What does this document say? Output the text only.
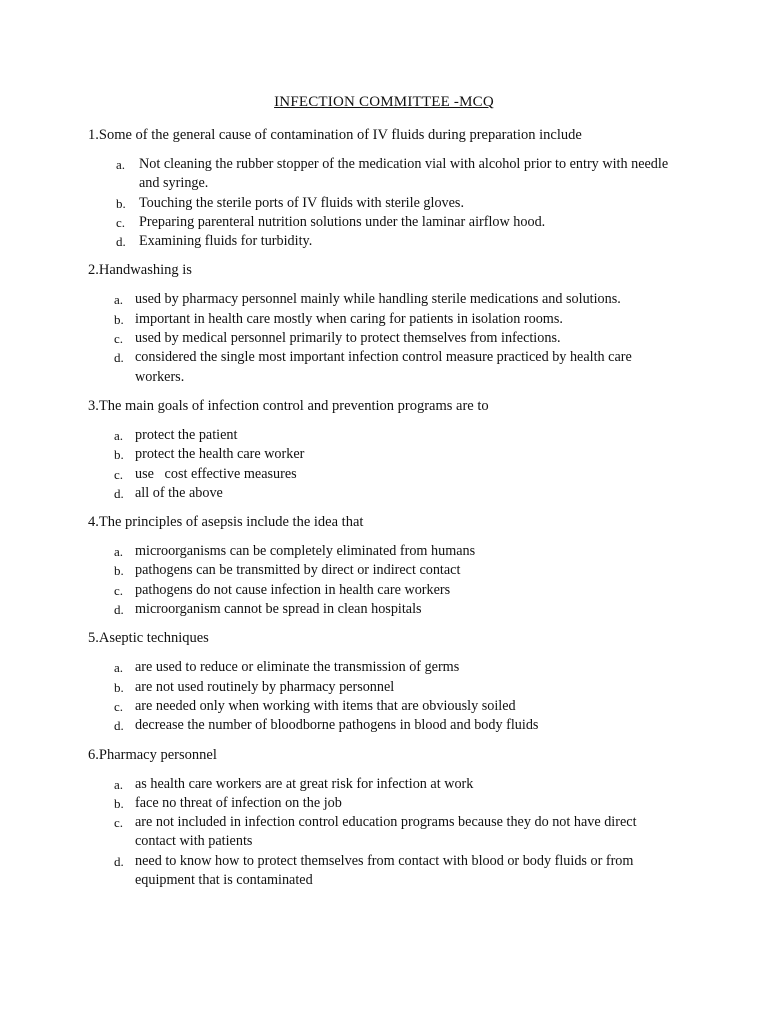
INFECTION COMMITTEE -MCQ
1.Some of the general cause of contamination of IV fluids during preparation include
a. Not cleaning the rubber stopper of the medication vial with alcohol prior to entry with needle and syringe.
b. Touching the sterile ports of IV fluids with sterile gloves.
c. Preparing parenteral nutrition solutions under the laminar airflow hood.
d. Examining fluids for turbidity.
2.Handwashing is
a. used by pharmacy personnel mainly while handling sterile medications and solutions.
b. important in health care mostly when caring for patients in isolation rooms.
c. used by medical personnel primarily to protect themselves from infections.
d. considered the single most important infection control measure practiced by health care workers.
3.The main goals of infection control and prevention programs are to
a. protect the patient
b. protect the health care worker
c. use   cost effective measures
d. all of the above
4.The principles of asepsis include the idea that
a. microorganisms can be completely eliminated from humans
b. pathogens can be transmitted by direct or indirect contact
c. pathogens do not cause infection in health care workers
d. microorganism cannot be spread in clean hospitals
5.Aseptic techniques
a. are used to reduce or eliminate the transmission of germs
b. are not used routinely by pharmacy personnel
c. are needed only when working with items that are obviously soiled
d. decrease the number of bloodborne pathogens in blood and body fluids
6.Pharmacy personnel
a. as health care workers are at great risk for infection at work
b. face no threat of infection on the job
c. are not included in infection control education programs because they do not have direct contact with patients
d. need to know how to protect themselves from contact with blood or body fluids or from equipment that is contaminated
